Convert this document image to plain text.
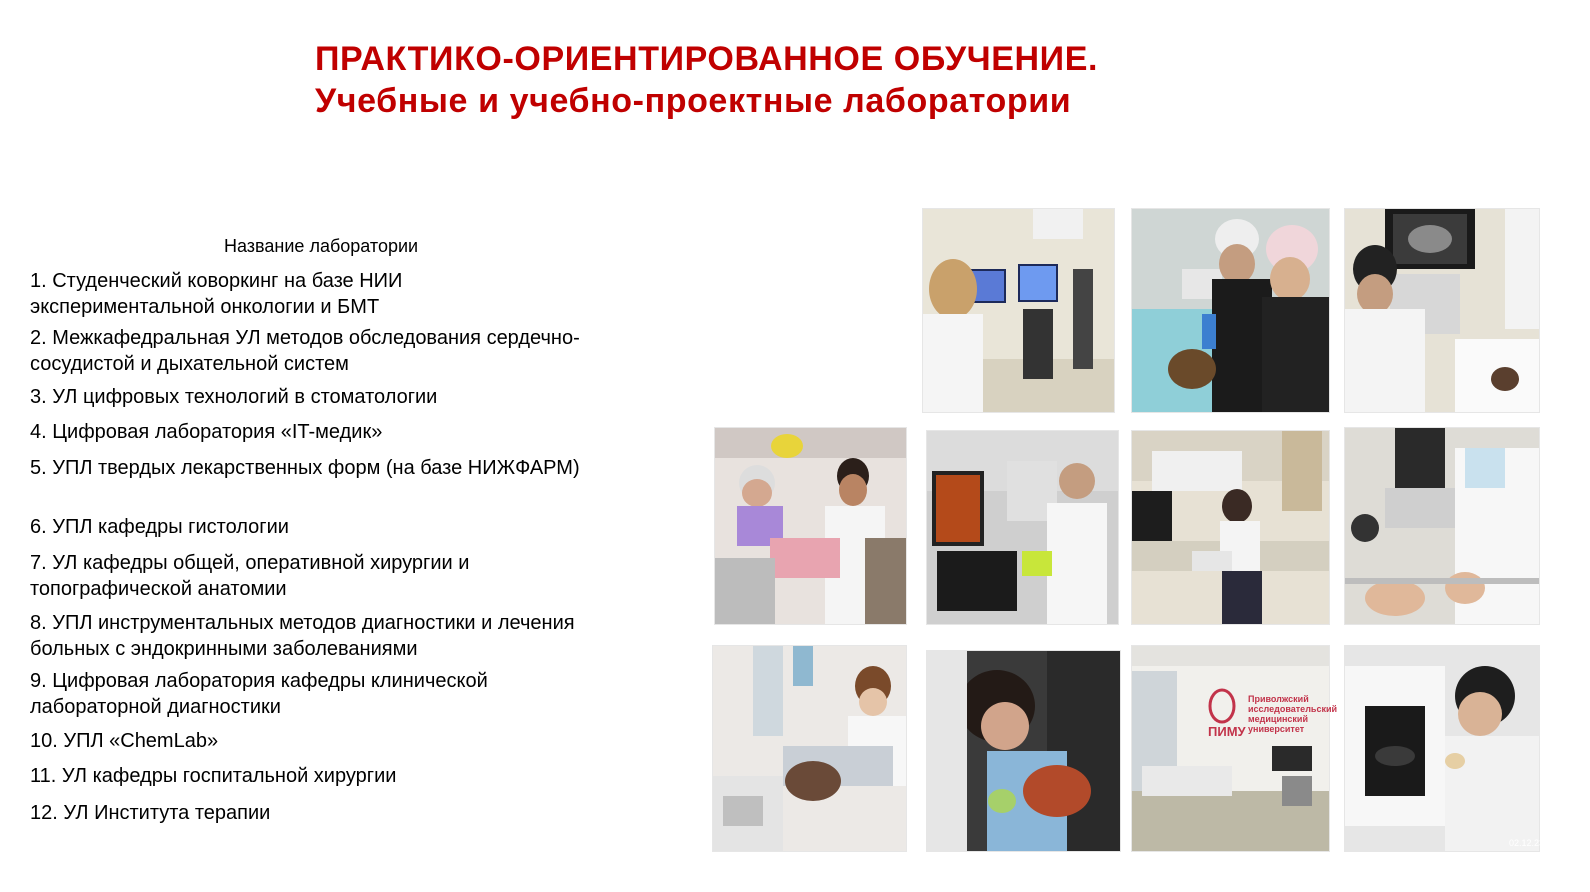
ПРАКТИКО-ОРИЕНТИРОВАННОЕ ОБУЧЕНИЕ.
Учебные и учебно-проектные лаборатории
Название лаборатории
1. Студенческий коворкинг на базе НИИ
экспериментальной онкологии и БМТ
2. Межкафедральная УЛ методов обследования сердечно-
сосудистой и дыхательной систем
3. УЛ цифровых технологий в стоматологии
4. Цифровая лаборатория «IT-медик»
5. УПЛ твердых лекарственных форм (на базе НИЖФАРМ)
6. УПЛ кафедры гистологии
7. УЛ кафедры общей, оперативной хирургии и
топографической анатомии
8. УПЛ инструментальных методов диагностики и лечения
больных с эндокринными заболеваниями
9. Цифровая лаборатория кафедры клинической
лабораторной диагностики
10. УПЛ «ChemLab»
11. УЛ кафедры госпитальной хирургии
12. УЛ Института терапии
ПИМУ
Приволжский
исследовательский
медицинский
университет
02.12.23
